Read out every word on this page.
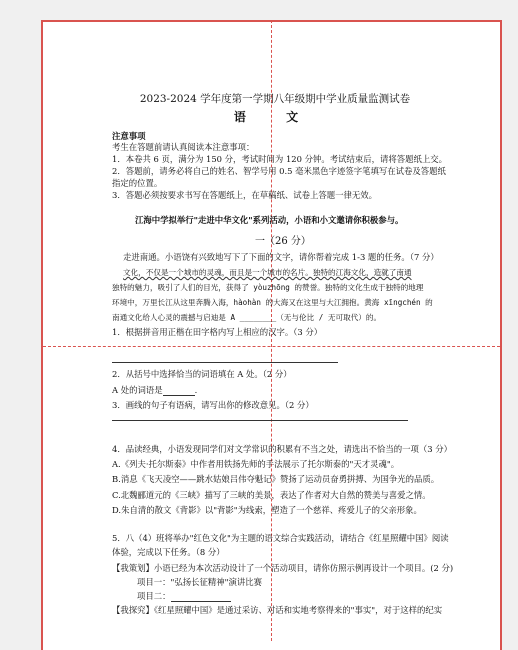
2023-2024 学年度第一学期八年级期中学业质量监测试卷
语 文
注意事项
考生在答题前请认真阅读本注意事项：
1．本卷共 6 页，满分为 150 分，考试时间为 120 分钟。考试结束后，请将答题纸上交。
2．答题前，请务必将自己的姓名、智学号用 0.5 毫米黑色字迹签字笔填写在试卷及答题纸
指定的位置。
3．答题必须按要求书写在答题纸上，在草稿纸、试卷上答题一律无效。
江海中学拟举行"走进中华文化"系列活动，小语和小文邀请你积极参与。
一（26 分）
走进南通。小语饶有兴致地写下了下面的文字，请你帮着完成 1-3 题的任务。（7 分）
文化，不仅是一个城市的灵魂，而且是一个城市的名片。独特的江海文化，造就了南通
独特的魅力，吸引了人们的目光，获得了 yòuzhōng 的赞誉。独特的文化生成于独特的地理
环境中，万里长江从这里奔腾入海，hàohàn 的大海又在这里与大江拥抱。黄海 xīngchén 的
南通文化给人心灵的震撼与启迪是 A ________（无与伦比 / 无可取代）的。
1．根据拼音用正楷在田字格内写上相应的汉字。（3 分）
2．从括号中选择恰当的词语填在 A 处。（2 分）
A 处的词语是	.
3．画线的句子有语病，请写出你的修改意见。（2 分）
4．品读经典，小语发现同学们对文学常识的积累有不当之处，请选出不恰当的一项（3 分）
A.《列夫·托尔斯泰》中作者用铁扬先师的手法展示了托尔斯泰的"天才灵魂"。
B.消息《飞天凌空——跳水姑娘吕伟夺魁记》赞扬了运动员奋勇拼搏、为国争光的品质。
C.北魏郦道元的《三峡》描写了三峡的美景，表达了作者对大自然的赞美与喜爱之情。
D.朱自清的散文《背影》以"背影"为线索，塑造了一个慈祥、疼爱儿子的父亲形象。
5．八（4）班将举办"红色文化"为主题的语文综合实践活动，请结合《红星照耀中国》阅读
体验，完成以下任务。（8 分）
【我策划】小语已经为本次活动设计了一个活动项目，请你仿照示例再设计一个项目。(2 分)
项目一："弘扬长征精神"演讲比赛
项目二：
【我探究】《红星照耀中国》是通过采访、对话和实地考察得来的"事实"，对于这样的纪实
